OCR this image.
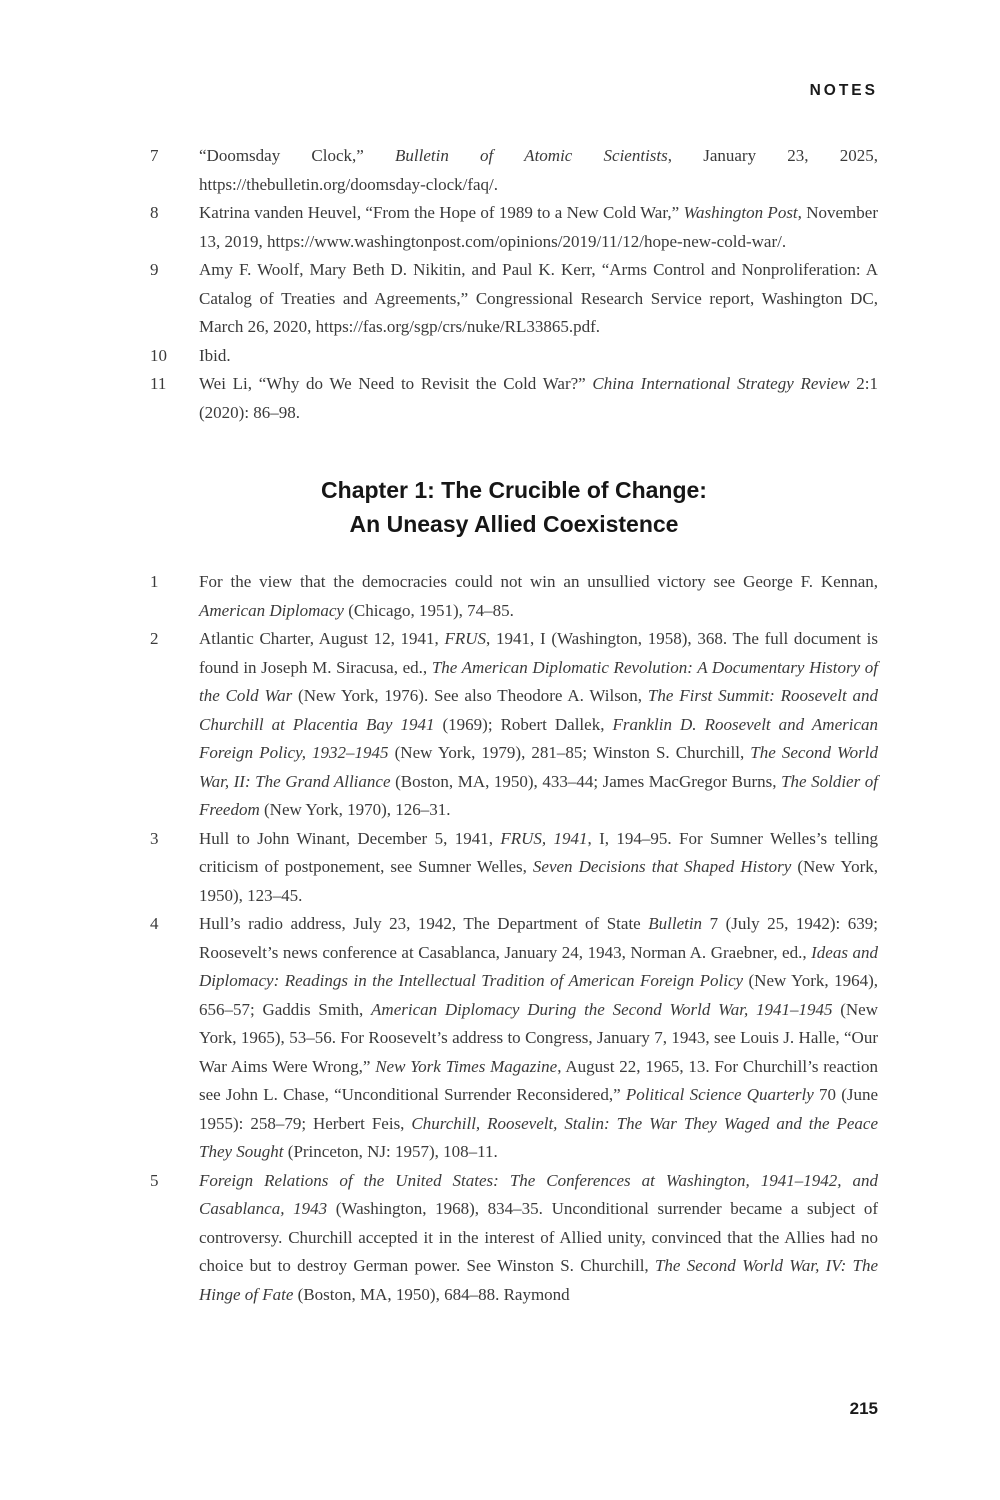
NOTES
7	“Doomsday Clock,” Bulletin of Atomic Scientists, January 23, 2025, https://thebulletin.org/doomsday-clock/faq/.
8	Katrina vanden Heuvel, “From the Hope of 1989 to a New Cold War,” Washington Post, November 13, 2019, https://www.washingtonpost.com/opinions/2019/11/12/hope-new-cold-war/.
9	Amy F. Woolf, Mary Beth D. Nikitin, and Paul K. Kerr, “Arms Control and Nonproliferation: A Catalog of Treaties and Agreements,” Congressional Research Service report, Washington DC, March 26, 2020, https://fas.org/sgp/crs/nuke/RL33865.pdf.
10	Ibid.
11	Wei Li, “Why do We Need to Revisit the Cold War?” China International Strategy Review 2:1 (2020): 86–98.
Chapter 1: The Crucible of Change:
An Uneasy Allied Coexistence
1	For the view that the democracies could not win an unsullied victory see George F. Kennan, American Diplomacy (Chicago, 1951), 74–85.
2	Atlantic Charter, August 12, 1941, FRUS, 1941, I (Washington, 1958), 368. The full document is found in Joseph M. Siracusa, ed., The American Diplomatic Revolution: A Documentary History of the Cold War (New York, 1976). See also Theodore A. Wilson, The First Summit: Roosevelt and Churchill at Placentia Bay 1941 (1969); Robert Dallek, Franklin D. Roosevelt and American Foreign Policy, 1932–1945 (New York, 1979), 281–85; Winston S. Churchill, The Second World War, II: The Grand Alliance (Boston, MA, 1950), 433–44; James MacGregor Burns, The Soldier of Freedom (New York, 1970), 126–31.
3	Hull to John Winant, December 5, 1941, FRUS, 1941, I, 194–95. For Sumner Welles’s telling criticism of postponement, see Sumner Welles, Seven Decisions that Shaped History (New York, 1950), 123–45.
4	Hull’s radio address, July 23, 1942, The Department of State Bulletin 7 (July 25, 1942): 639; Roosevelt’s news conference at Casablanca, January 24, 1943, Norman A. Graebner, ed., Ideas and Diplomacy: Readings in the Intellectual Tradition of American Foreign Policy (New York, 1964), 656–57; Gaddis Smith, American Diplomacy During the Second World War, 1941–1945 (New York, 1965), 53–56. For Roosevelt’s address to Congress, January 7, 1943, see Louis J. Halle, “Our War Aims Were Wrong,” New York Times Magazine, August 22, 1965, 13. For Churchill’s reaction see John L. Chase, “Unconditional Surrender Reconsidered,” Political Science Quarterly 70 (June 1955): 258–79; Herbert Feis, Churchill, Roosevelt, Stalin: The War They Waged and the Peace They Sought (Princeton, NJ: 1957), 108–11.
5	Foreign Relations of the United States: The Conferences at Washington, 1941–1942, and Casablanca, 1943 (Washington, 1968), 834–35. Unconditional surrender became a subject of controversy. Churchill accepted it in the interest of Allied unity, convinced that the Allies had no choice but to destroy German power. See Winston S. Churchill, The Second World War, IV: The Hinge of Fate (Boston, MA, 1950), 684–88. Raymond
215
